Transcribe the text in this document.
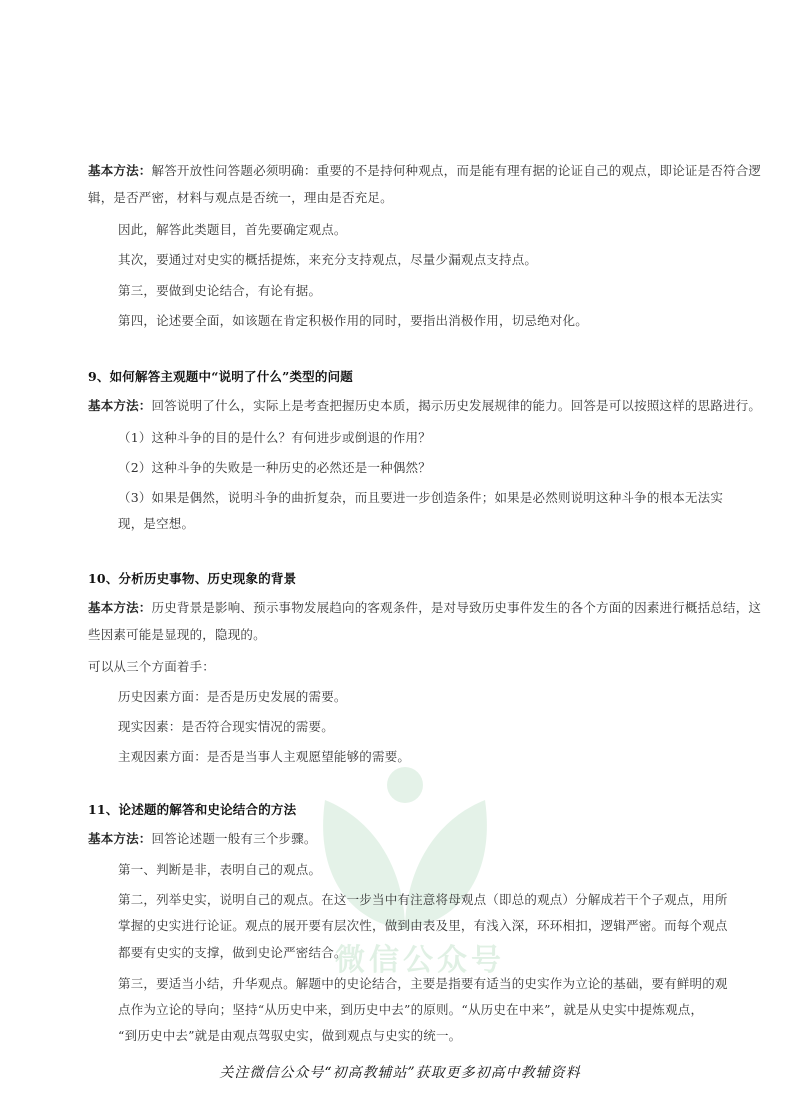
微信公众号

基本方法：解答开放性问答题必须明确：重要的不是持何种观点，而是能有理有据的论证自己的观点，即论证是否符合逻

辑，是否严密，材料与观点是否统一，理由是否充足。

因此，解答此类题目，首先要确定观点。

其次，要通过对史实的概括提炼，来充分支持观点，尽量少漏观点支持点。

第三，要做到史论结合，有论有据。

第四，论述要全面，如该题在肯定积极作用的同时，要指出消极作用，切忌绝对化。

9、如何解答主观题中“说明了什么”类型的问题

基本方法：回答说明了什么，实际上是考查把握历史本质，揭示历史发展规律的能力。回答是可以按照这样的思路进行。

（1）这种斗争的目的是什么？有何进步或倒退的作用？

（2）这种斗争的失败是一种历史的必然还是一种偶然？

（3）如果是偶然，说明斗争的曲折复杂，而且要进一步创造条件；如果是必然则说明这种斗争的根本无法实

现，是空想。

10、分析历史事物、历史现象的背景

基本方法：历史背景是影响、预示事物发展趋向的客观条件，是对导致历史事件发生的各个方面的因素进行概括总结，这

些因素可能是显现的，隐现的。

可以从三个方面着手：

历史因素方面：是否是历史发展的需要。

现实因素：是否符合现实情况的需要。

主观因素方面：是否是当事人主观愿望能够的需要。

11、论述题的解答和史论结合的方法

基本方法：回答论述题一般有三个步骤。

第一、判断是非，表明自己的观点。

第二，列举史实，说明自己的观点。在这一步当中有注意将母观点（即总的观点）分解成若干个子观点，用所

掌握的史实进行论证。观点的展开要有层次性，做到由表及里，有浅入深，环环相扣，逻辑严密。而每个观点

都要有史实的支撑，做到史论严密结合。

第三，要适当小结，升华观点。解题中的史论结合，主要是指要有适当的史实作为立论的基础，要有鲜明的观

点作为立论的导向；坚持“从历史中来，到历史中去”的原则。“从历史在中来”，就是从史实中提炼观点，

“到历史中去”就是由观点驾驭史实，做到观点与史实的统一。

关注微信公众号“初高教辅站”获取更多初高中教辅资料
